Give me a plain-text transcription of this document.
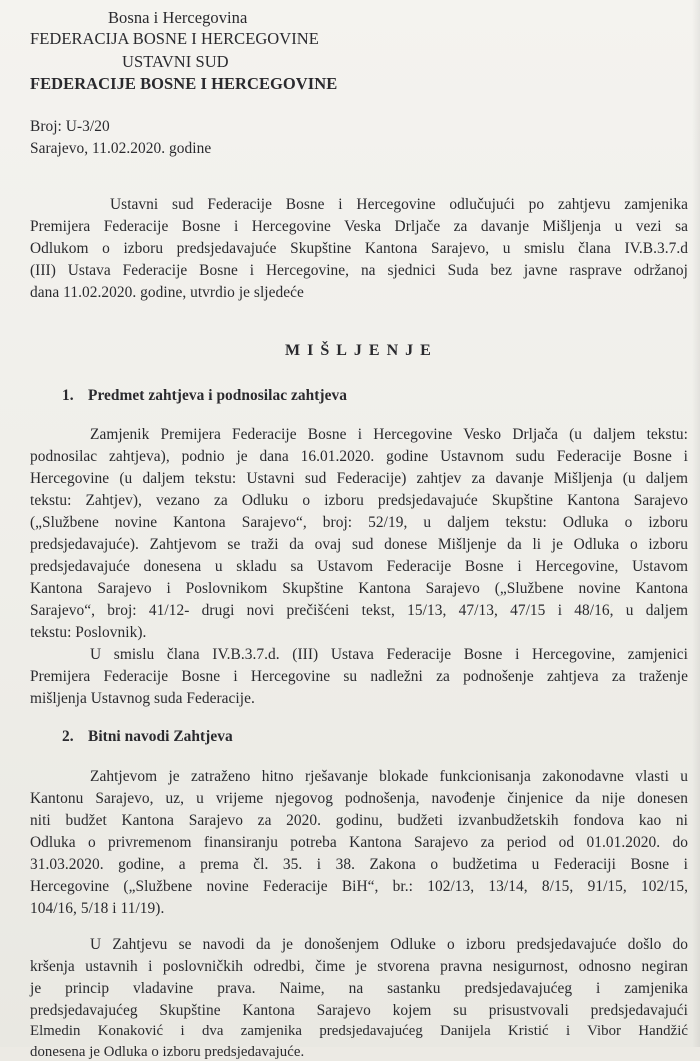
Bosna i Hercegovina
FEDERACIJA BOSNE I HERCEGOVINE
USTAVNI SUD
FEDERACIJE BOSNE I HERCEGOVINE
Broj: U-3/20
Sarajevo, 11.02.2020. godine
Ustavni sud Federacije Bosne i Hercegovine odlučujući po zahtjevu zamjenika
Premijera Federacije Bosne i Hercegovine Veska Drljače za davanje Mišljenja u vezi sa
Odlukom o izboru predsjedavajuće Skupštine Kantona Sarajevo, u smislu člana IV.B.3.7.d
(III) Ustava Federacije Bosne i Hercegovine, na sjednici Suda bez javne rasprave održanoj
dana 11.02.2020. godine, utvrdio je sljedeće
MIŠLJENJE
1. Predmet zahtjeva i podnosilac zahtjeva
Zamjenik Premijera Federacije Bosne i Hercegovine Vesko Drljača (u daljem tekstu:
podnosilac zahtjeva), podnio je dana 16.01.2020. godine Ustavnom sudu Federacije Bosne i
Hercegovine (u daljem tekstu: Ustavni sud Federacije) zahtjev za davanje Mišljenja (u daljem
tekstu: Zahtjev), vezano za Odluku o izboru predsjedavajuće Skupštine Kantona Sarajevo
(„Službene novine Kantona Sarajevo“, broj: 52/19, u daljem tekstu: Odluka o izboru
predsjedavajuće). Zahtjevom se traži da ovaj sud donese Mišljenje da li je Odluka o izboru
predsjedavajuće donesena u skladu sa Ustavom Federacije Bosne i Hercegovine, Ustavom
Kantona Sarajevo i Poslovnikom Skupštine Kantona Sarajevo („Službene novine Kantona
Sarajevo“, broj: 41/12- drugi novi prečišćeni tekst, 15/13, 47/13, 47/15 i 48/16, u daljem
tekstu: Poslovnik).
U smislu člana IV.B.3.7.d. (III) Ustava Federacije Bosne i Hercegovine, zamjenici
Premijera Federacije Bosne i Hercegovine su nadležni za podnošenje zahtjeva za traženje
mišljenja Ustavnog suda Federacije.
2. Bitni navodi Zahtjeva
Zahtjevom je zatraženo hitno rješavanje blokade funkcionisanja zakonodavne vlasti u
Kantonu Sarajevo, uz, u vrijeme njegovog podnošenja, navođenje činjenice da nije donesen
niti budžet Kantona Sarajevo za 2020. godinu, budžeti izvanbudžetskih fondova kao ni
Odluka o privremenom finansiranju potreba Kantona Sarajevo za period od 01.01.2020. do
31.03.2020. godine, a prema čl. 35. i 38. Zakona o budžetima u Federaciji Bosne i
Hercegovine („Službene novine Federacije BiH“, br.: 102/13, 13/14, 8/15, 91/15, 102/15,
104/16, 5/18 i 11/19).
U Zahtjevu se navodi da je donošenjem Odluke o izboru predsjedavajuće došlo do
kršenja ustavnih i poslovničkih odredbi, čime je stvorena pravna nesigurnost, odnosno negiran
je princip vladavine prava. Naime, na sastanku predsjedavajućeg i zamjenika
predsjedavajućeg Skupštine Kantona Sarajevo kojem su prisustvovali predsjedavajući
Elmedin Konaković i dva zamjenika predsjedavajućeg Danijela Kristić i Vibor Handžić
donesena je Odluka o izboru predsjedavajuće.
